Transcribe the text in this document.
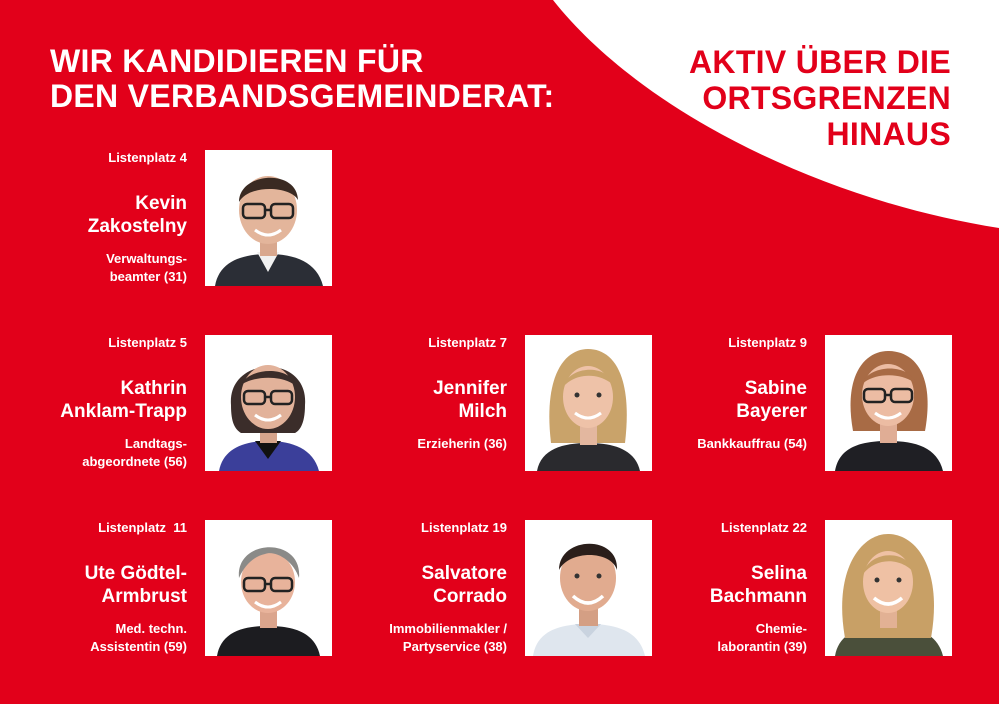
WIR KANDIDIEREN FÜR
DEN VERBANDSGEMEINDERAT:
AKTIV ÜBER DIE
ORTSGRENZEN
HINAUS
Listenplatz 4
Kevin
Zakostelny
Verwaltungs-
beamter (31)
Listenplatz 5
Kathrin
Anklam-Trapp
Landtags-
abgeordnete (56)
Listenplatz 7
Jennifer
Milch
Erzieherin (36)
Listenplatz 9
Sabine
Bayerer
Bankkauffrau (54)
Listenplatz  11
Ute Gödtel-
Armbrust
Med. techn.
Assistentin (59)
Listenplatz 19
Salvatore
Corrado
Immobilienmakler /
Partyservice (38)
Listenplatz 22
Selina
Bachmann
Chemie-
laborantin (39)
